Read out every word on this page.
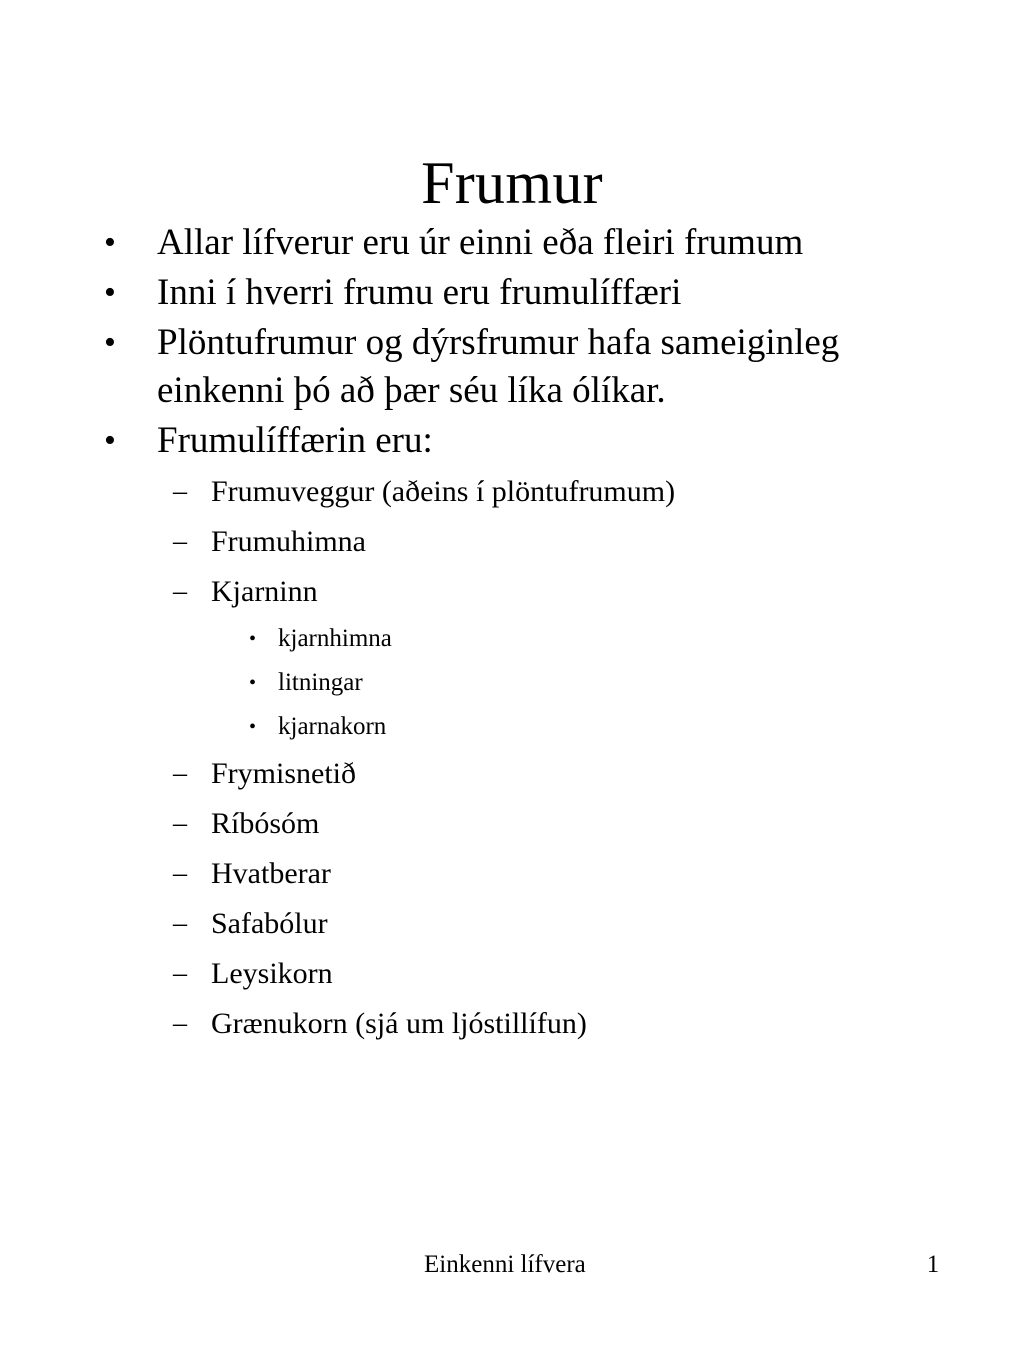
Frumur
•	Allar lífverur eru úr einni eða fleiri frumum
•	Inni í hverri frumu eru frumulíffæri
•	Plöntufrumur og dýrsfrumur hafa sameiginleg einkenni þó að þær séu líka ólíkar.
•	Frumulíffærin eru:
– Frumuveggur (aðeins í plöntufrumum)
– Frumuhimna
– Kjarninn
• kjarnhimna
• litningar
• kjarnakorn
– Frymisnetið
– Ríbósóm
– Hvatberar
– Safabólur
– Leysikorn
– Grænukorn (sjá um ljóstillífun)
Einkenni lífvera	1
